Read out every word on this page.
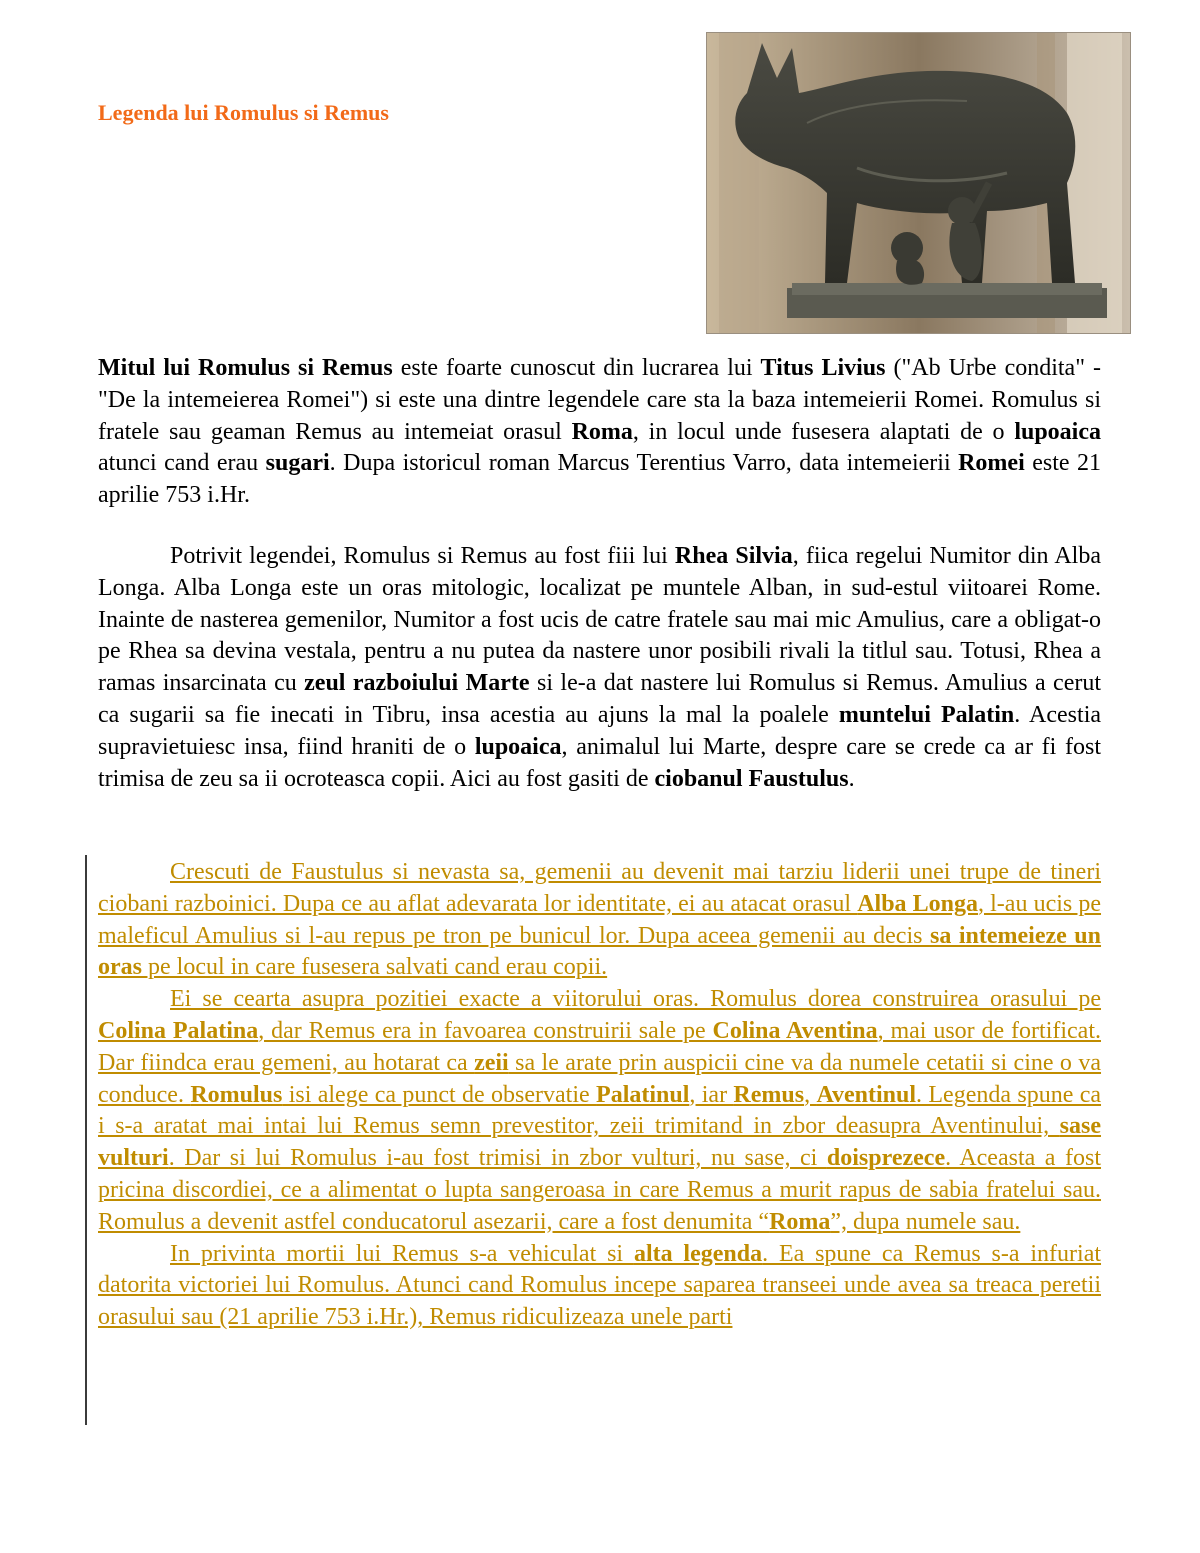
Legenda lui Romulus si Remus

Mitul lui Romulus si Remus este foarte cunoscut din lucrarea lui Titus Livius ("Ab Urbe condita" - "De la intemeierea Romei") si este una dintre legendele care sta la baza intemeierii Romei. Romulus si fratele sau geaman Remus au intemeiat orasul Roma, in locul unde fusesera alaptati de o lupoaica atunci cand erau sugari. Dupa istoricul roman Marcus Terentius Varro, data intemeierii Romei este 21 aprilie 753 i.Hr.

Potrivit legendei, Romulus si Remus au fost fiii lui Rhea Silvia, fiica regelui Numitor din Alba Longa. Alba Longa este un oras mitologic, localizat pe muntele Alban, in sud-estul viitoarei Rome. Inainte de nasterea gemenilor, Numitor a fost ucis de catre fratele sau mai mic Amulius, care a obligat-o pe Rhea sa devina vestala, pentru a nu putea da nastere unor posibili rivali la titlul sau. Totusi, Rhea a ramas insarcinata cu zeul razboiului Marte si le-a dat nastere lui Romulus si Remus. Amulius a cerut ca sugarii sa fie inecati in Tibru, insa acestia au ajuns la mal la poalele muntelui Palatin. Acestia supravietuiesc insa, fiind hraniti de o lupoaica, animalul lui Marte, despre care se crede ca ar fi fost trimisa de zeu sa ii ocroteasca copii. Aici au fost gasiti de ciobanul Faustulus.

Crescuti de Faustulus si nevasta sa, gemenii au devenit mai tarziu liderii unei trupe de tineri ciobani razboinici. Dupa ce au aflat adevarata lor identitate, ei au atacat orasul Alba Longa, l-au ucis pe maleficul Amulius si l-au repus pe tron pe bunicul lor. Dupa aceea gemenii au decis sa intemeieze un oras pe locul in care fusesera salvati cand erau copii.

Ei se cearta asupra pozitiei exacte a viitorului oras. Romulus dorea construirea orasului pe Colina Palatina, dar Remus era in favoarea construirii sale pe Colina Aventina, mai usor de fortificat. Dar fiindca erau gemeni, au hotarat ca zeii sa le arate prin auspicii cine va da numele cetatii si cine o va conduce. Romulus isi alege ca punct de observatie Palatinul, iar Remus, Aventinul. Legenda spune ca i s-a aratat mai intai lui Remus semn prevestitor, zeii trimitand in zbor deasupra Aventinului, sase vulturi. Dar si lui Romulus i-au fost trimisi in zbor vulturi, nu sase, ci doisprezece. Aceasta a fost pricina discordiei, ce a alimentat o lupta sangeroasa in care Remus a murit rapus de sabia fratelui sau. Romulus a devenit astfel conducatorul asezarii, care a fost denumita “Roma”, dupa numele sau.

In privinta mortii lui Remus s-a vehiculat si alta legenda. Ea spune ca Remus s-a infuriat datorita victoriei lui Romulus. Atunci cand Romulus incepe saparea transeei unde avea sa treaca peretii orasului sau (21 aprilie 753 i.Hr.), Remus ridiculizeaza unele parti
